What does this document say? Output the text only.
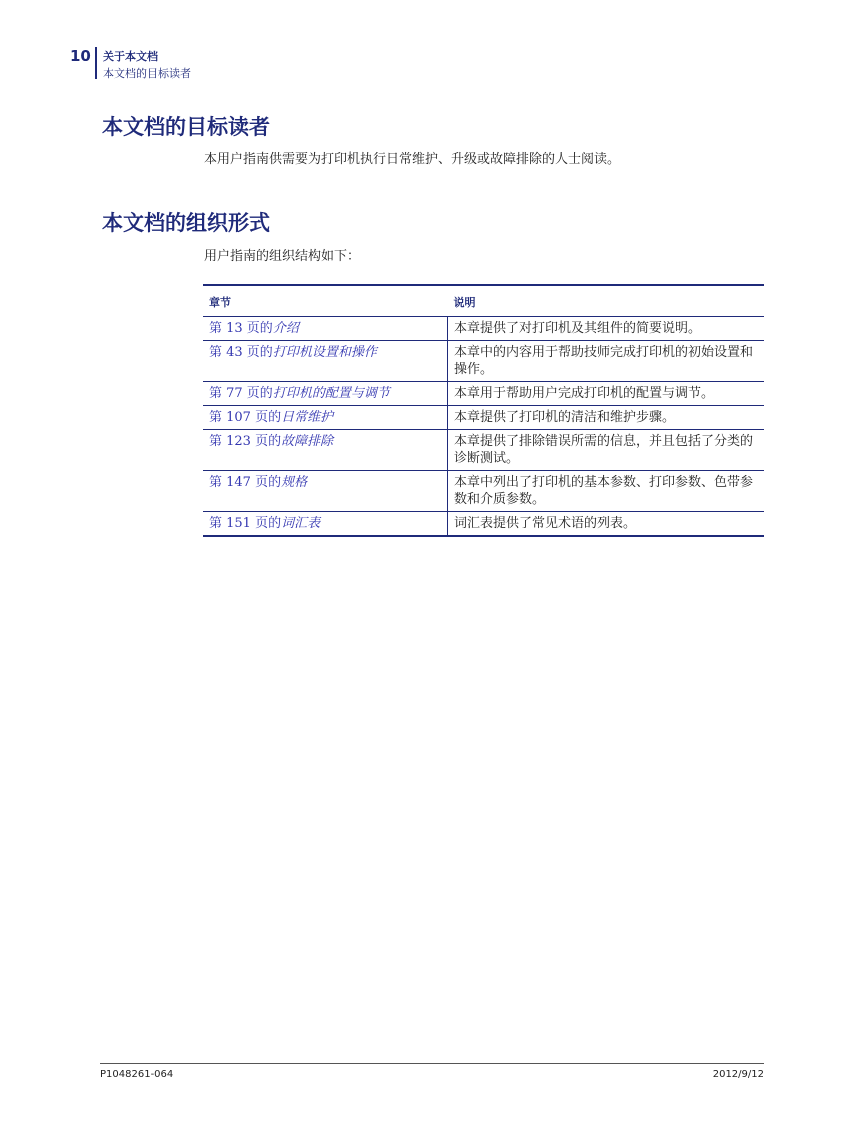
10 关于本文档
本文档的目标读者
本文档的目标读者
本用户指南供需要为打印机执行日常维护、升级或故障排除的人士阅读。
本文档的组织形式
用户指南的组织结构如下：
章节	说明
第 13 页的介绍	本章提供了对打印机及其组件的简要说明。
第 43 页的打印机设置和操作	本章中的内容用于帮助技师完成打印机的初始设置和操作。
第 77 页的打印机的配置与调节	本章用于帮助用户完成打印机的配置与调节。
第 107 页的日常维护	本章提供了打印机的清洁和维护步骤。
第 123 页的故障排除	本章提供了排除错误所需的信息，并且包括了分类的诊断测试。
第 147 页的规格	本章中列出了打印机的基本参数、打印参数、色带参数和介质参数。
第 151 页的词汇表	词汇表提供了常见术语的列表。
P1048261-064	2012/9/12
